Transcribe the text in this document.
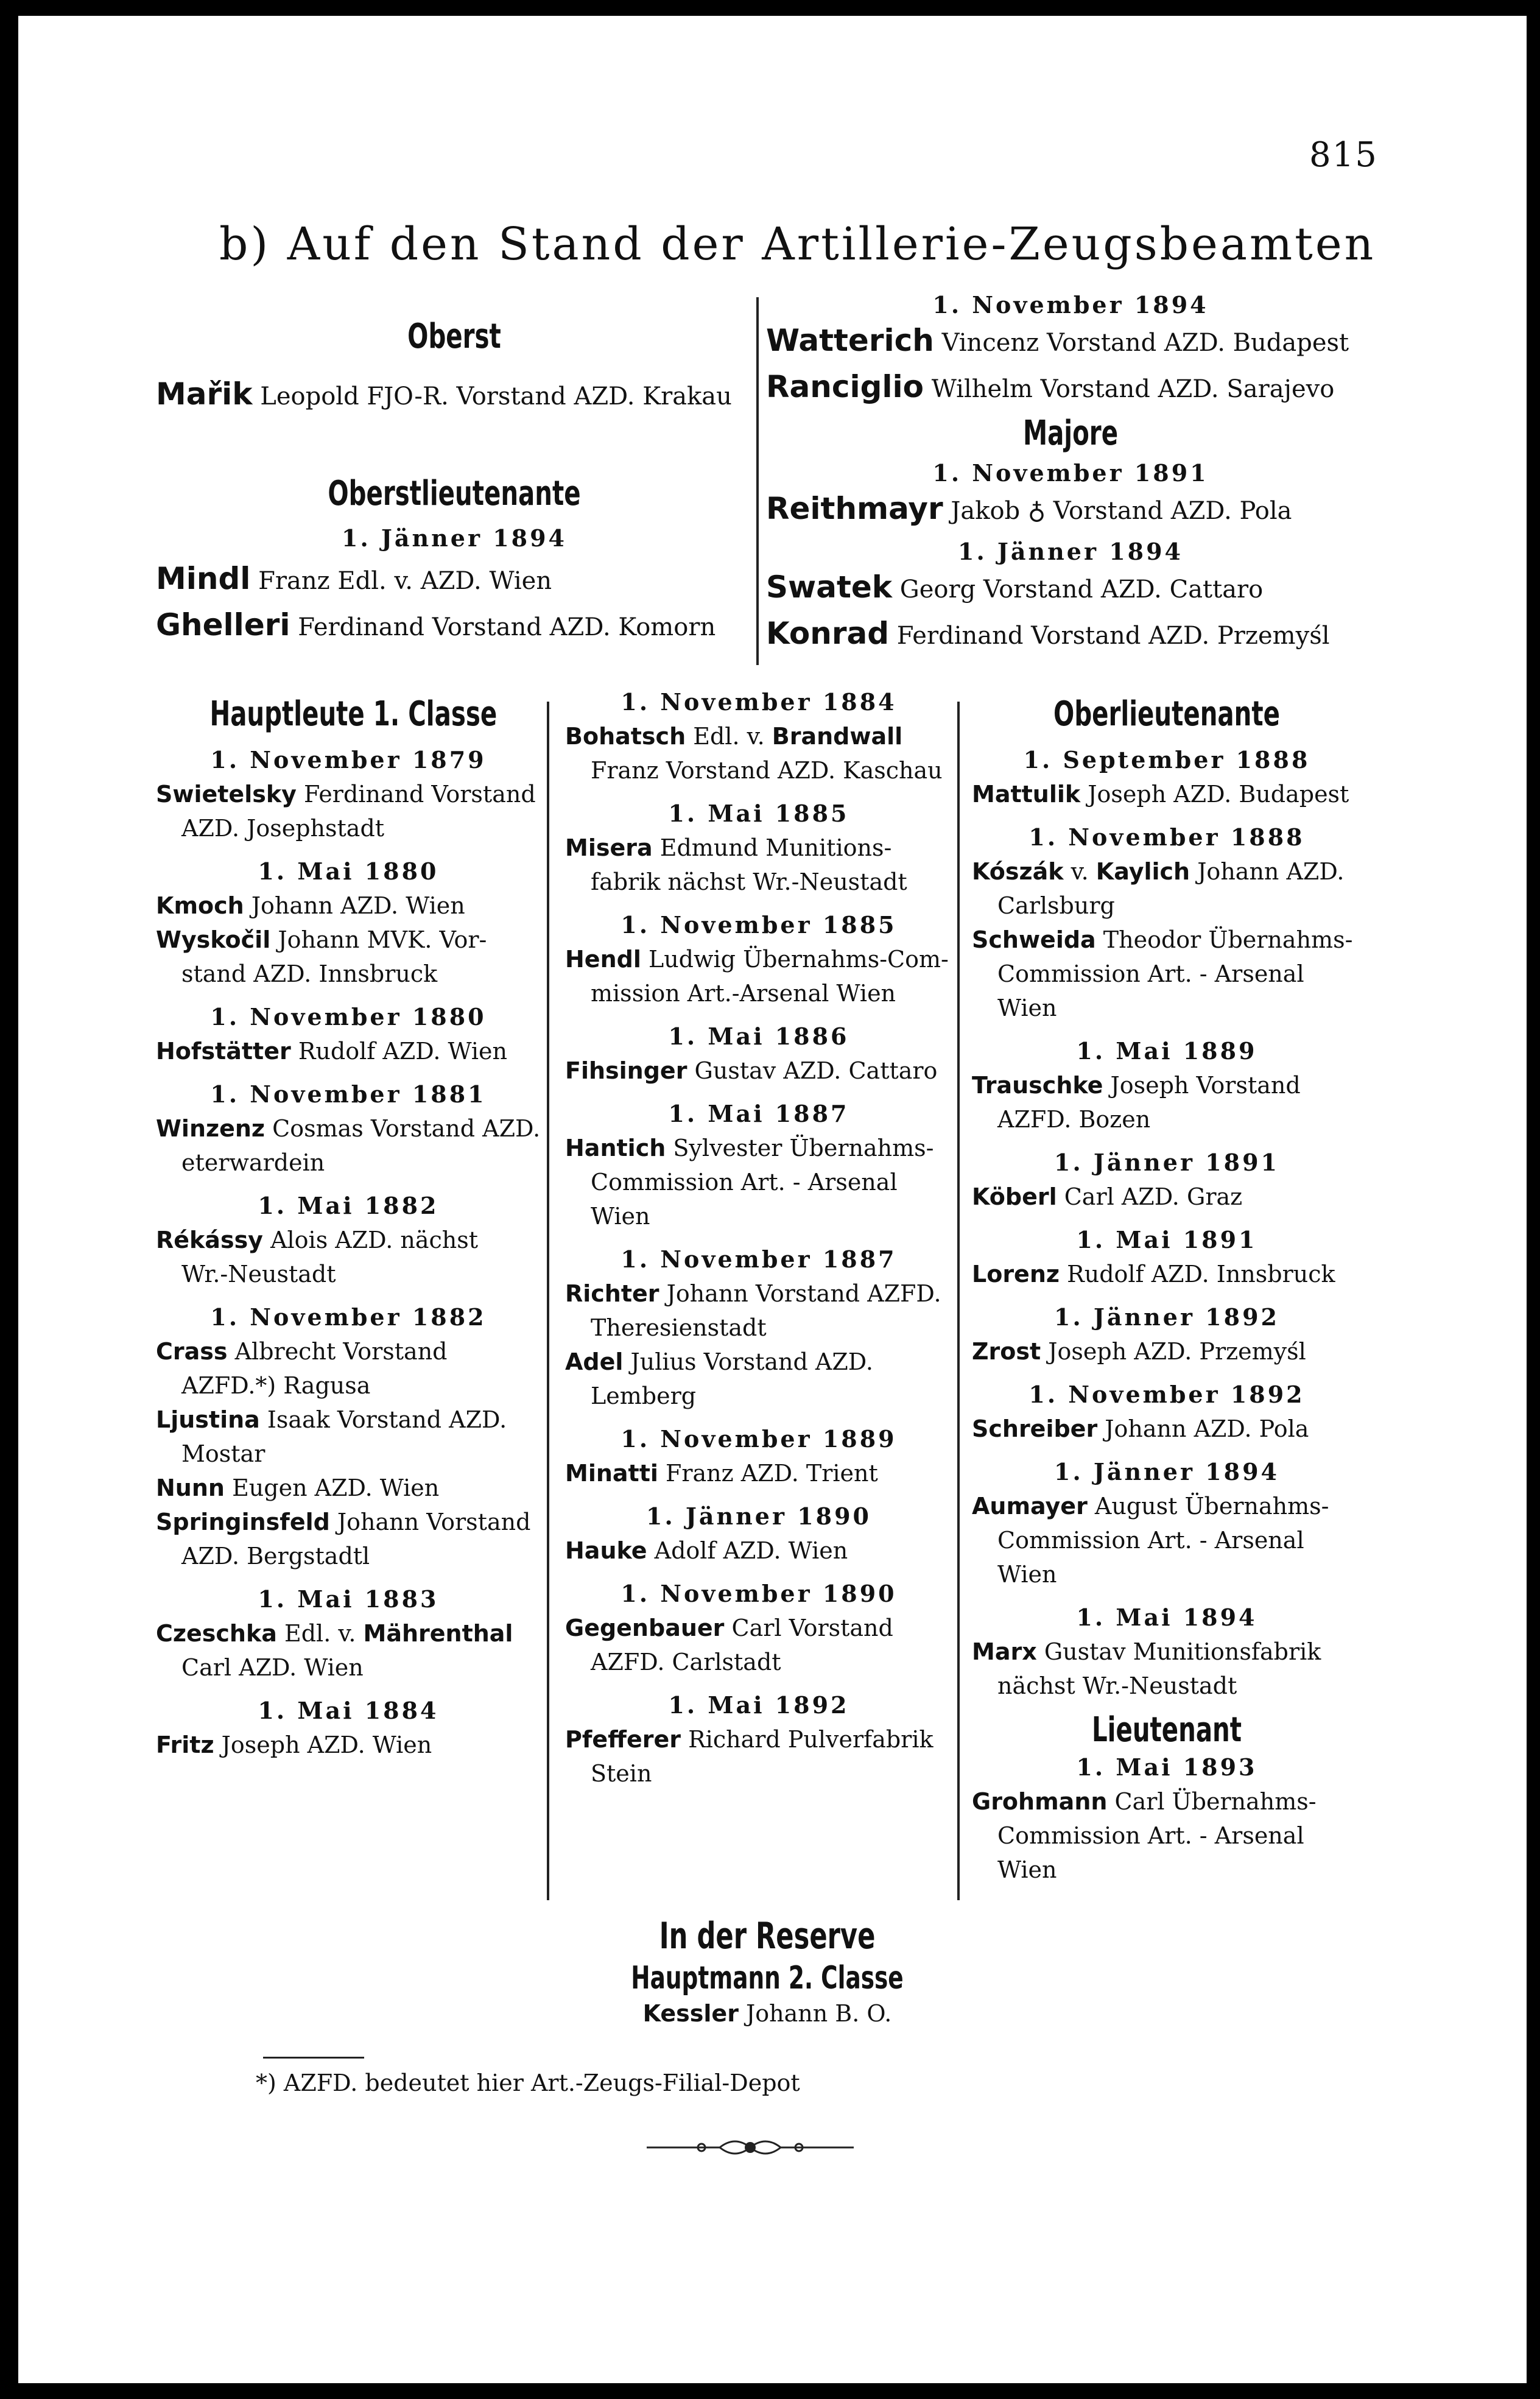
815
b) Auf den Stand der Artillerie-Zeugsbeamten
Oberst
Mařik Leopold FJO-R. Vorstand AZD. Krakau
Oberstlieutenante
1. Jänner 1894
Mindl Franz Edl. v. AZD. Wien
Ghelleri Ferdinand Vorstand AZD. Komorn
1. November 1894
Watterich Vincenz Vorstand AZD. Budapest
Ranciglio Wilhelm Vorstand AZD. Sarajevo
Majore
1. November 1891
Reithmayr Jakob ♁ Vorstand AZD. Pola
1. Jänner 1894
Swatek Georg Vorstand AZD. Cattaro
Konrad Ferdinand Vorstand AZD. Przemyśl
Hauptleute 1. Classe
1. November 1879
Swietelsky Ferdinand Vorstand
AZD. Josephstadt
1. Mai 1880
Kmoch Johann AZD. Wien
Wyskočil Johann MVK. Vor-
stand AZD. Innsbruck
1. November 1880
Hofstätter Rudolf AZD. Wien
1. November 1881
Winzenz Cosmas Vorstand AZD.
eterwardein
1. Mai 1882
Rékássy Alois AZD. nächst
Wr.-Neustadt
1. November 1882
Crass Albrecht Vorstand
AZFD.*) Ragusa
Ljustina Isaak Vorstand AZD.
Mostar
Nunn Eugen AZD. Wien
Springinsfeld Johann Vorstand
AZD. Bergstadtl
1. Mai 1883
Czeschka Edl. v. Mährenthal
Carl AZD. Wien
1. Mai 1884
Fritz Joseph AZD. Wien
1. November 1884
Bohatsch Edl. v. Brandwall
Franz Vorstand AZD. Kaschau
1. Mai 1885
Misera Edmund Munitions-
fabrik nächst Wr.-Neustadt
1. November 1885
Hendl Ludwig Übernahms-Com-
mission Art.-Arsenal Wien
1. Mai 1886
Fihsinger Gustav AZD. Cattaro
1. Mai 1887
Hantich Sylvester Übernahms-
Commission Art. - Arsenal
Wien
1. November 1887
Richter Johann Vorstand AZFD.
Theresienstadt
Adel Julius Vorstand AZD.
Lemberg
1. November 1889
Minatti Franz AZD. Trient
1. Jänner 1890
Hauke Adolf AZD. Wien
1. November 1890
Gegenbauer Carl Vorstand
AZFD. Carlstadt
1. Mai 1892
Pfefferer Richard Pulverfabrik
Stein
Oberlieutenante
1. September 1888
Mattulik Joseph AZD. Budapest
1. November 1888
Kószák v. Kaylich Johann AZD.
Carlsburg
Schweida Theodor Übernahms-
Commission Art. - Arsenal
Wien
1. Mai 1889
Trauschke Joseph Vorstand
AZFD. Bozen
1. Jänner 1891
Köberl Carl AZD. Graz
1. Mai 1891
Lorenz Rudolf AZD. Innsbruck
1. Jänner 1892
Zrost Joseph AZD. Przemyśl
1. November 1892
Schreiber Johann AZD. Pola
1. Jänner 1894
Aumayer August Übernahms-
Commission Art. - Arsenal
Wien
1. Mai 1894
Marx Gustav Munitionsfabrik
nächst Wr.-Neustadt
Lieutenant
1. Mai 1893
Grohmann Carl Übernahms-
Commission Art. - Arsenal
Wien
In der Reserve
Hauptmann 2. Classe
Kessler Johann B. O.
*) AZFD. bedeutet hier Art.-Zeugs-Filial-Depot
